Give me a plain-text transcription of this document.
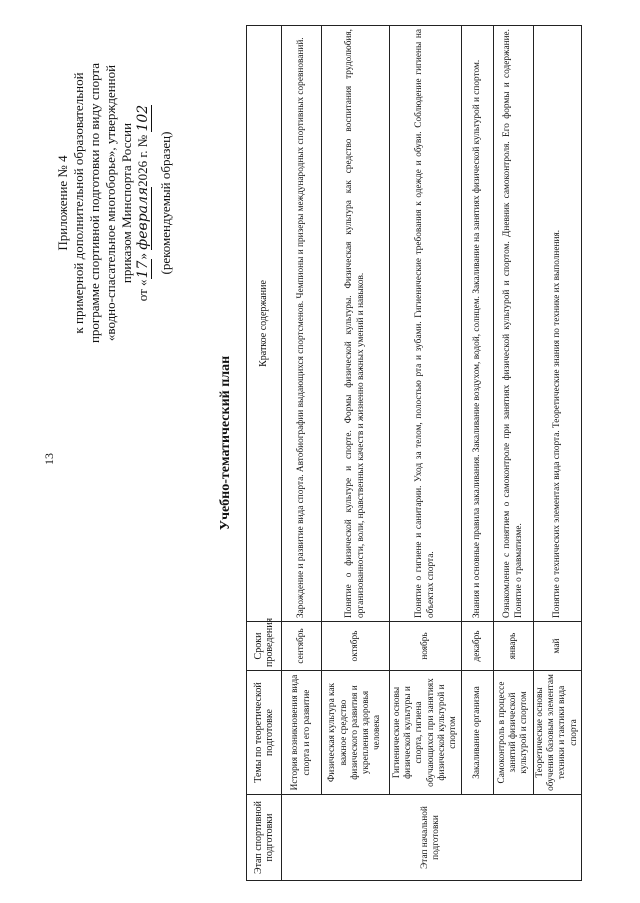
13
Приложение № 4 к примерной дополнительной образовательной программе спортивной подготовки по виду спорта «водно-спасательное многоборье», утвержденной приказом Минспорта России
от «17» февраля2026 г. № 102
(рекомендуемый образец)
Учебно-тематический план
Этап спортивной подготовки	Темы по теоретической подготовке	Сроки проведения	Краткое содержание
Этап начальной подготовки	История возникновения вида спорта и его развитие	сентябрь	Зарождение и развитие вида спорта. Автобиографии выдающихся спортсменов. Чемпионы и призеры международных спортивных соревнований.
	Физическая культура как важное средство физического развития и укрепления здоровья человека	октябрь	Понятие о физической культуре и спорте. Формы физической культуры. Физическая культура как средство воспитания трудолюбия, организованности, воли, нравственных качеств и жизненно важных умений и навыков.
	Гигиенические основы физической культуры и спорта, гигиена обучающихся при занятиях физической культурой и спортом	ноябрь	Понятие о гигиене и санитарии. Уход за телом, полостью рта и зубами. Гигиенические требования к одежде и обуви. Соблюдение гигиены на объектах спорта.
	Закаливание организма	декабрь	Знания и основные правила закаливания. Закаливание воздухом, водой, солнцем. Закаливание на занятиях физической культурой и спортом.
	Самоконтроль в процессе занятий физической культурой и спортом	январь	Ознакомление с понятием о самоконтроле при занятиях физической культурой и спортом. Дневник самоконтроля. Его формы и содержание. Понятие о травматизме.
	Теоретические основы обучения базовым элементам техники и тактики вида спорта	май	Понятие о технических элементах вида спорта. Теоретические знания по технике их выполнения.
